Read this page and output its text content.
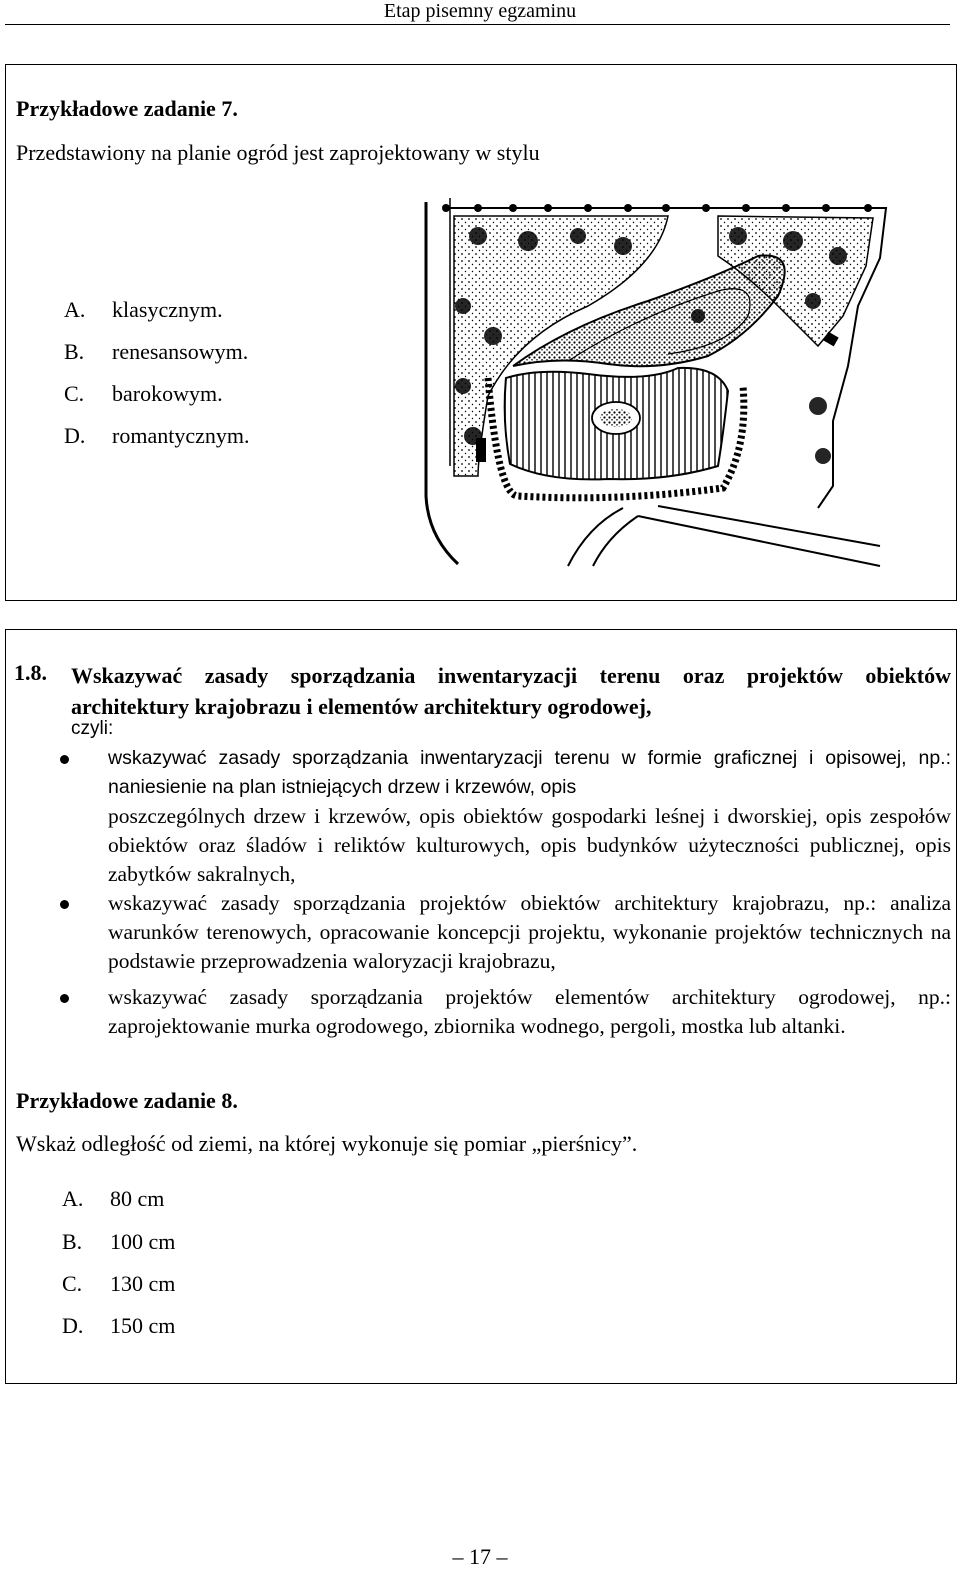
Etap pisemny egzaminu
Przykładowe zadanie 7.
Przedstawiony na planie ogród jest zaprojektowany w stylu
A. klasycznym.
B. renesansowym.
C. barokowym.
D. romantycznym.
1.8. Wskazywać zasady sporządzania inwentaryzacji terenu oraz projektów obiektów
architektury krajobrazu i elementów architektury ogrodowej,
czyli:
wskazywać zasady sporządzania inwentaryzacji terenu w formie graficznej i opisowej, np.: naniesienie na plan istniejących drzew i krzewów, opis
poszczególnych drzew i krzewów, opis obiektów gospodarki leśnej i dworskiej, opis zespołów obiektów oraz śladów i reliktów kulturowych, opis budynków użyteczności publicznej, opis zabytków sakralnych,
wskazywać zasady sporządzania projektów obiektów architektury krajobrazu, np.: analiza warunków terenowych, opracowanie koncepcji projektu, wykonanie projektów technicznych na podstawie przeprowadzenia waloryzacji krajobrazu,
wskazywać zasady sporządzania projektów elementów architektury ogrodowej, np.: zaprojektowanie murka ogrodowego, zbiornika wodnego, pergoli, mostka lub altanki.
Przykładowe zadanie 8.
Wskaż odległość od ziemi, na której wykonuje się pomiar „pierśnicy”.
A. 80 cm
B. 100 cm
C. 130 cm
D. 150 cm
– 17 –
